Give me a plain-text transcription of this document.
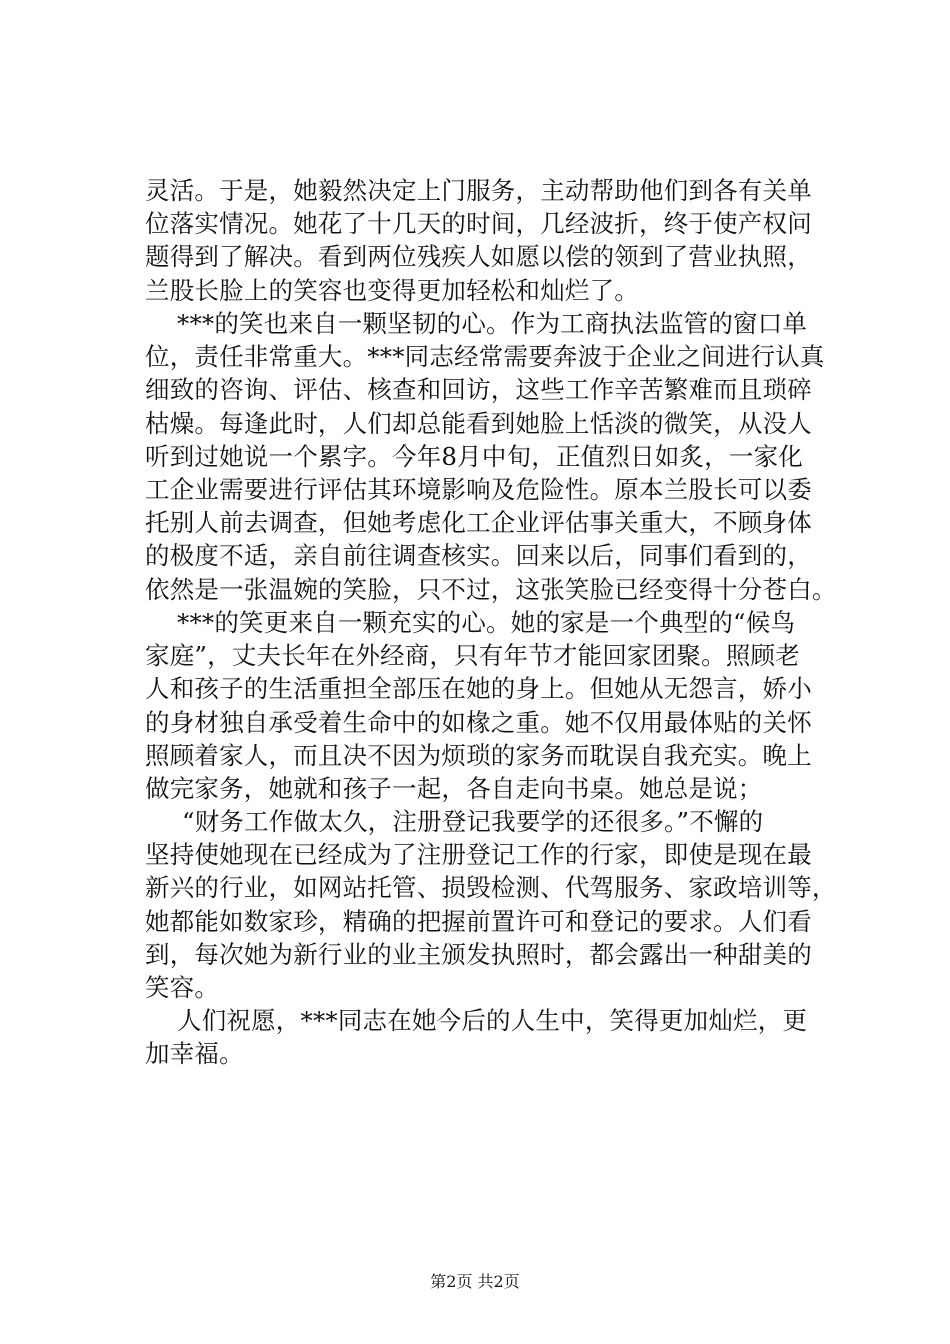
灵活。于是，她毅然决定上门服务，主动帮助他们到各有关单
位落实情况。她花了十几天的时间，几经波折，终于使产权问
题得到了解决。看到两位残疾人如愿以偿的领到了营业执照，
兰股长脸上的笑容也变得更加轻松和灿烂了。
***的笑也来自一颗坚韧的心。作为工商执法监管的窗口单
位，责任非常重大。***同志经常需要奔波于企业之间进行认真
细致的咨询、评估、核查和回访，这些工作辛苦繁难而且琐碎
枯燥。每逢此时，人们却总能看到她脸上恬淡的微笑，从没人
听到过她说一个累字。今年8月中旬，正值烈日如炙，一家化
工企业需要进行评估其环境影响及危险性。原本兰股长可以委
托别人前去调查，但她考虑化工企业评估事关重大，不顾身体
的极度不适，亲自前往调查核实。回来以后，同事们看到的，
依然是一张温婉的笑脸，只不过，这张笑脸已经变得十分苍白。
***的笑更来自一颗充实的心。她的家是一个典型的“候鸟
家庭”，丈夫长年在外经商，只有年节才能回家团聚。照顾老
人和孩子的生活重担全部压在她的身上。但她从无怨言，娇小
的身材独自承受着生命中的如椽之重。她不仅用最体贴的关怀
照顾着家人，而且决不因为烦琐的家务而耽误自我充实。晚上
做完家务，她就和孩子一起，各自走向书桌。她总是说；
“财务工作做太久，注册登记我要学的还很多。”不懈的
坚持使她现在已经成为了注册登记工作的行家，即使是现在最
新兴的行业，如网站托管、损毁检测、代驾服务、家政培训等，
她都能如数家珍，精确的把握前置许可和登记的要求。人们看
到，每次她为新行业的业主颁发执照时，都会露出一种甜美的
笑容。
人们祝愿，***同志在她今后的人生中，笑得更加灿烂，更
加幸福。
第2页 共2页
